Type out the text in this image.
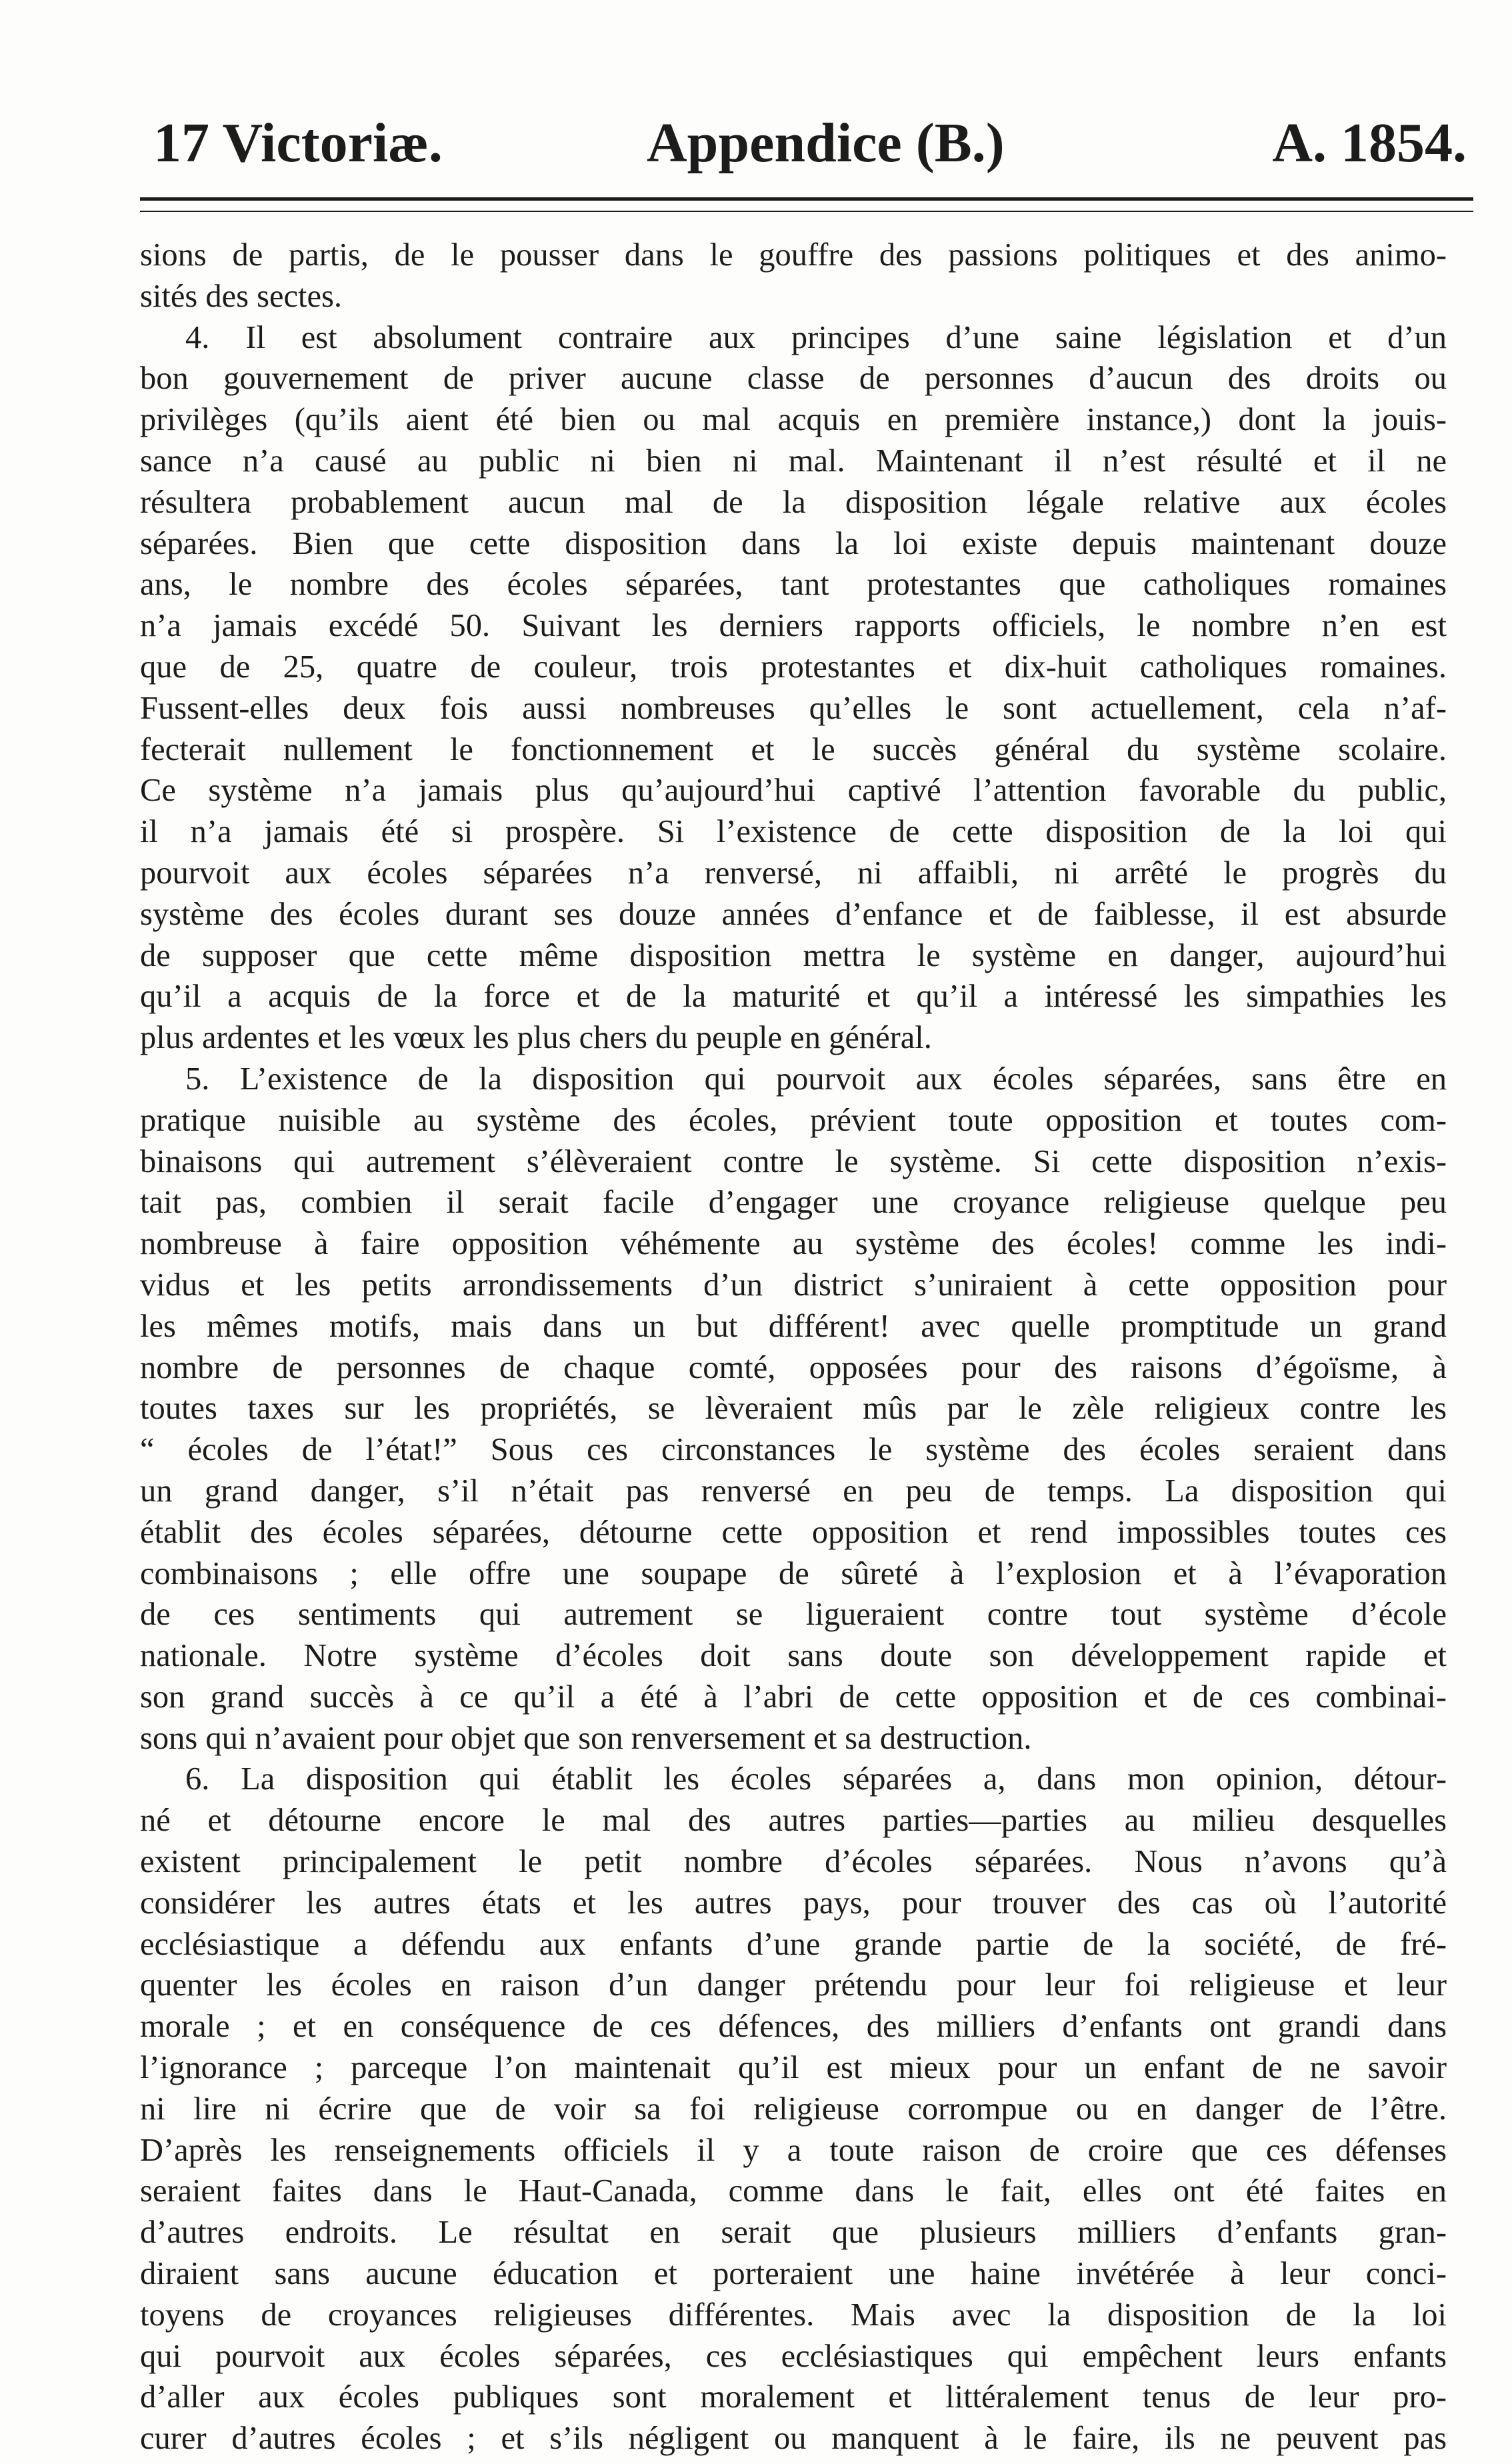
17 Victoriæ.	Appendice (B.)	A. 1854.
sions de partis, de le pousser dans le gouffre des passions politiques et des animo-
sités des sectes.
4. Il est absolument contraire aux principes d’une saine législation et d’un
bon gouvernement de priver aucune classe de personnes d’aucun des droits ou
privilèges (qu’ils aient été bien ou mal acquis en première instance,) dont la jouis-
sance n’a causé au public ni bien ni mal. Maintenant il n’est résulté et il ne
résultera probablement aucun mal de la disposition légale relative aux écoles
séparées. Bien que cette disposition dans la loi existe depuis maintenant douze
ans, le nombre des écoles séparées, tant protestantes que catholiques romaines
n’a jamais excédé 50. Suivant les derniers rapports officiels, le nombre n’en est
que de 25, quatre de couleur, trois protestantes et dix-huit catholiques romaines.
Fussent-elles deux fois aussi nombreuses qu’elles le sont actuellement, cela n’af-
fecterait nullement le fonctionnement et le succès général du système scolaire.
Ce système n’a jamais plus qu’aujourd’hui captivé l’attention favorable du public,
il n’a jamais été si prospère. Si l’existence de cette disposition de la loi qui
pourvoit aux écoles séparées n’a renversé, ni affaibli, ni arrêté le progrès du
système des écoles durant ses douze années d’enfance et de faiblesse, il est absurde
de supposer que cette même disposition mettra le système en danger, aujourd’hui
qu’il a acquis de la force et de la maturité et qu’il a intéressé les simpathies les
plus ardentes et les vœux les plus chers du peuple en général.
5. L’existence de la disposition qui pourvoit aux écoles séparées, sans être en
pratique nuisible au système des écoles, prévient toute opposition et toutes com-
binaisons qui autrement s’élèveraient contre le système. Si cette disposition n’exis-
tait pas, combien il serait facile d’engager une croyance religieuse quelque peu
nombreuse à faire opposition véhémente au système des écoles! comme les indi-
vidus et les petits arrondissements d’un district s’uniraient à cette opposition pour
les mêmes motifs, mais dans un but différent! avec quelle promptitude un grand
nombre de personnes de chaque comté, opposées pour des raisons d’égoïsme, à
toutes taxes sur les propriétés, se lèveraient mûs par le zèle religieux contre les
“ écoles de l’état!” Sous ces circonstances le système des écoles seraient dans
un grand danger, s’il n’était pas renversé en peu de temps. La disposition qui
établit des écoles séparées, détourne cette opposition et rend impossibles toutes ces
combinaisons ; elle offre une soupape de sûreté à l’explosion et à l’évaporation
de ces sentiments qui autrement se ligueraient contre tout système d’école
nationale. Notre système d’écoles doit sans doute son développement rapide et
son grand succès à ce qu’il a été à l’abri de cette opposition et de ces combinai-
sons qui n’avaient pour objet que son renversement et sa destruction.
6. La disposition qui établit les écoles séparées a, dans mon opinion, détour-
né et détourne encore le mal des autres parties—parties au milieu desquelles
existent principalement le petit nombre d’écoles séparées. Nous n’avons qu’à
considérer les autres états et les autres pays, pour trouver des cas où l’autorité
ecclésiastique a défendu aux enfants d’une grande partie de la société, de fré-
quenter les écoles en raison d’un danger prétendu pour leur foi religieuse et leur
morale ; et en conséquence de ces défences, des milliers d’enfants ont grandi dans
l’ignorance ; parceque l’on maintenait qu’il est mieux pour un enfant de ne savoir
ni lire ni écrire que de voir sa foi religieuse corrompue ou en danger de l’être.
D’après les renseignements officiels il y a toute raison de croire que ces défenses
seraient faites dans le Haut-Canada, comme dans le fait, elles ont été faites en
d’autres endroits. Le résultat en serait que plusieurs milliers d’enfants gran-
diraient sans aucune éducation et porteraient une haine invétérée à leur conci-
toyens de croyances religieuses différentes. Mais avec la disposition de la loi
qui pourvoit aux écoles séparées, ces ecclésiastiques qui empêchent leurs enfants
d’aller aux écoles publiques sont moralement et littéralement tenus de leur pro-
curer d’autres écoles ; et s’ils négligent ou manquent à le faire, ils ne peuvent pas
